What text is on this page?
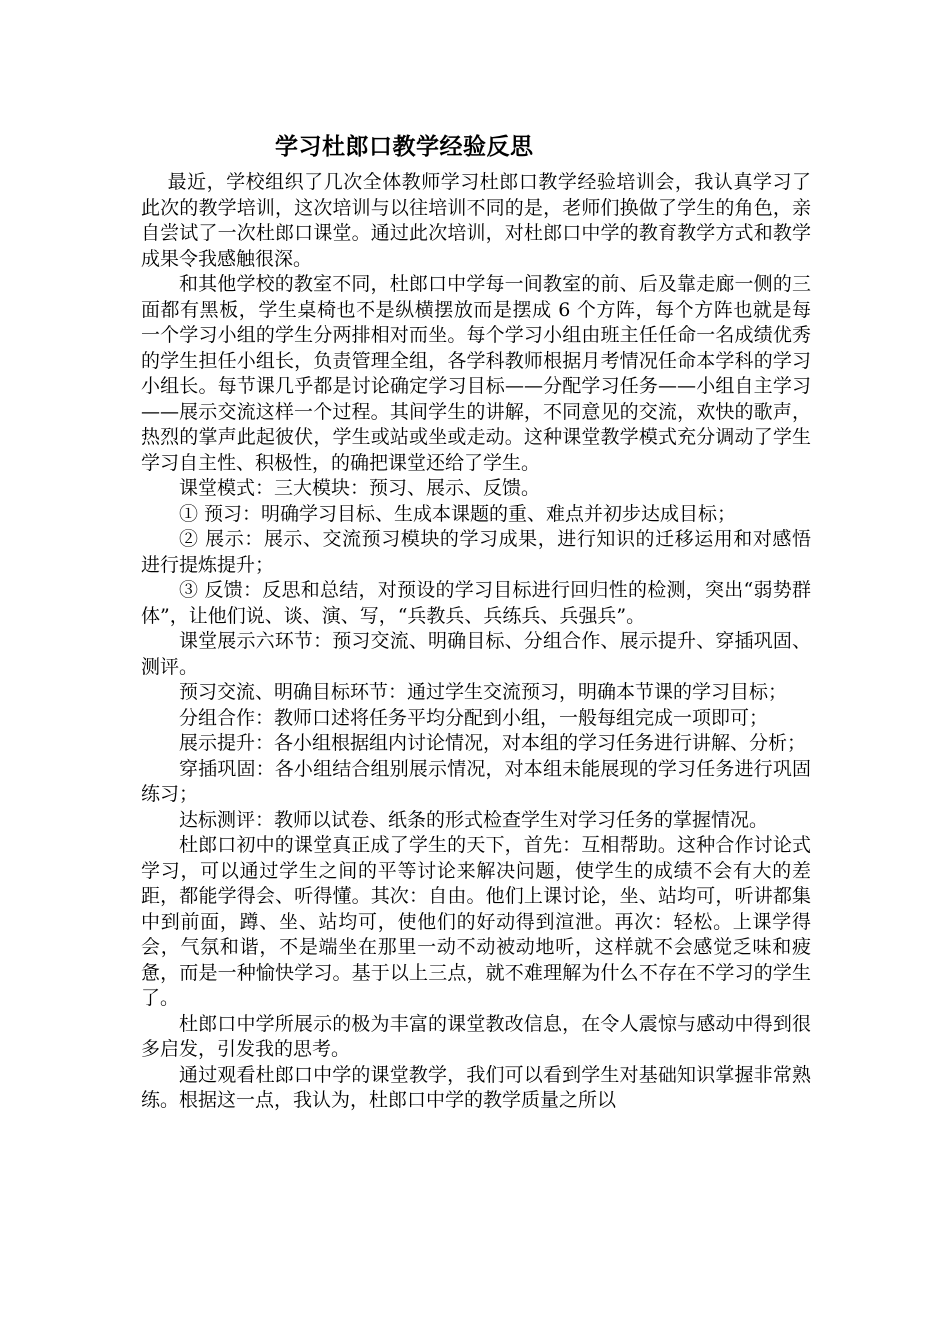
学习杜郎口教学经验反思

最近，学校组织了几次全体教师学习杜郎口教学经验培训会，我认真学习了此次的教学培训，这次培训与以往培训不同的是，老师们换做了学生的角色，亲自尝试了一次杜郎口课堂。通过此次培训，对杜郎口中学的教育教学方式和教学成果令我感触很深。

和其他学校的教室不同，杜郎口中学每一间教室的前、后及靠走廊一侧的三面都有黑板，学生桌椅也不是纵横摆放而是摆成 6 个方阵，每个方阵也就是每一个学习小组的学生分两排相对而坐。每个学习小组由班主任任命一名成绩优秀的学生担任小组长，负责管理全组，各学科教师根据月考情况任命本学科的学习小组长。每节课几乎都是讨论确定学习目标——分配学习任务——小组自主学习——展示交流这样一个过程。其间学生的讲解，不同意见的交流，欢快的歌声，热烈的掌声此起彼伏，学生或站或坐或走动。这种课堂教学模式充分调动了学生学习自主性、积极性，的确把课堂还给了学生。

课堂模式：三大模块：预习、展示、反馈。

① 预习：明确学习目标、生成本课题的重、难点并初步达成目标；

② 展示：展示、交流预习模块的学习成果，进行知识的迁移运用和对感悟进行提炼提升；

③ 反馈：反思和总结，对预设的学习目标进行回归性的检测，突出“弱势群体”，让他们说、谈、演、写，“兵教兵、兵练兵、兵强兵”。

课堂展示六环节：预习交流、明确目标、分组合作、展示提升、穿插巩固、测评。

预习交流、明确目标环节：通过学生交流预习，明确本节课的学习目标；

分组合作：教师口述将任务平均分配到小组，一般每组完成一项即可；

展示提升：各小组根据组内讨论情况，对本组的学习任务进行讲解、分析；

穿插巩固：各小组结合组别展示情况，对本组未能展现的学习任务进行巩固练习；

达标测评：教师以试卷、纸条的形式检查学生对学习任务的掌握情况。

杜郎口初中的课堂真正成了学生的天下，首先：互相帮助。这种合作讨论式学习，可以通过学生之间的平等讨论来解决问题，使学生的成绩不会有大的差距，都能学得会、听得懂。其次：自由。他们上课讨论，坐、站均可，听讲都集中到前面，蹲、坐、站均可，使他们的好动得到渲泄。再次：轻松。上课学得会，气氛和谐，不是端坐在那里一动不动被动地听，这样就不会感觉乏味和疲惫，而是一种愉快学习。基于以上三点，就不难理解为什么不存在不学习的学生了。

杜郎口中学所展示的极为丰富的课堂教改信息，在令人震惊与感动中得到很多启发，引发我的思考。

通过观看杜郎口中学的课堂教学，我们可以看到学生对基础知识掌握非常熟练。根据这一点，我认为，杜郎口中学的教学质量之所以
